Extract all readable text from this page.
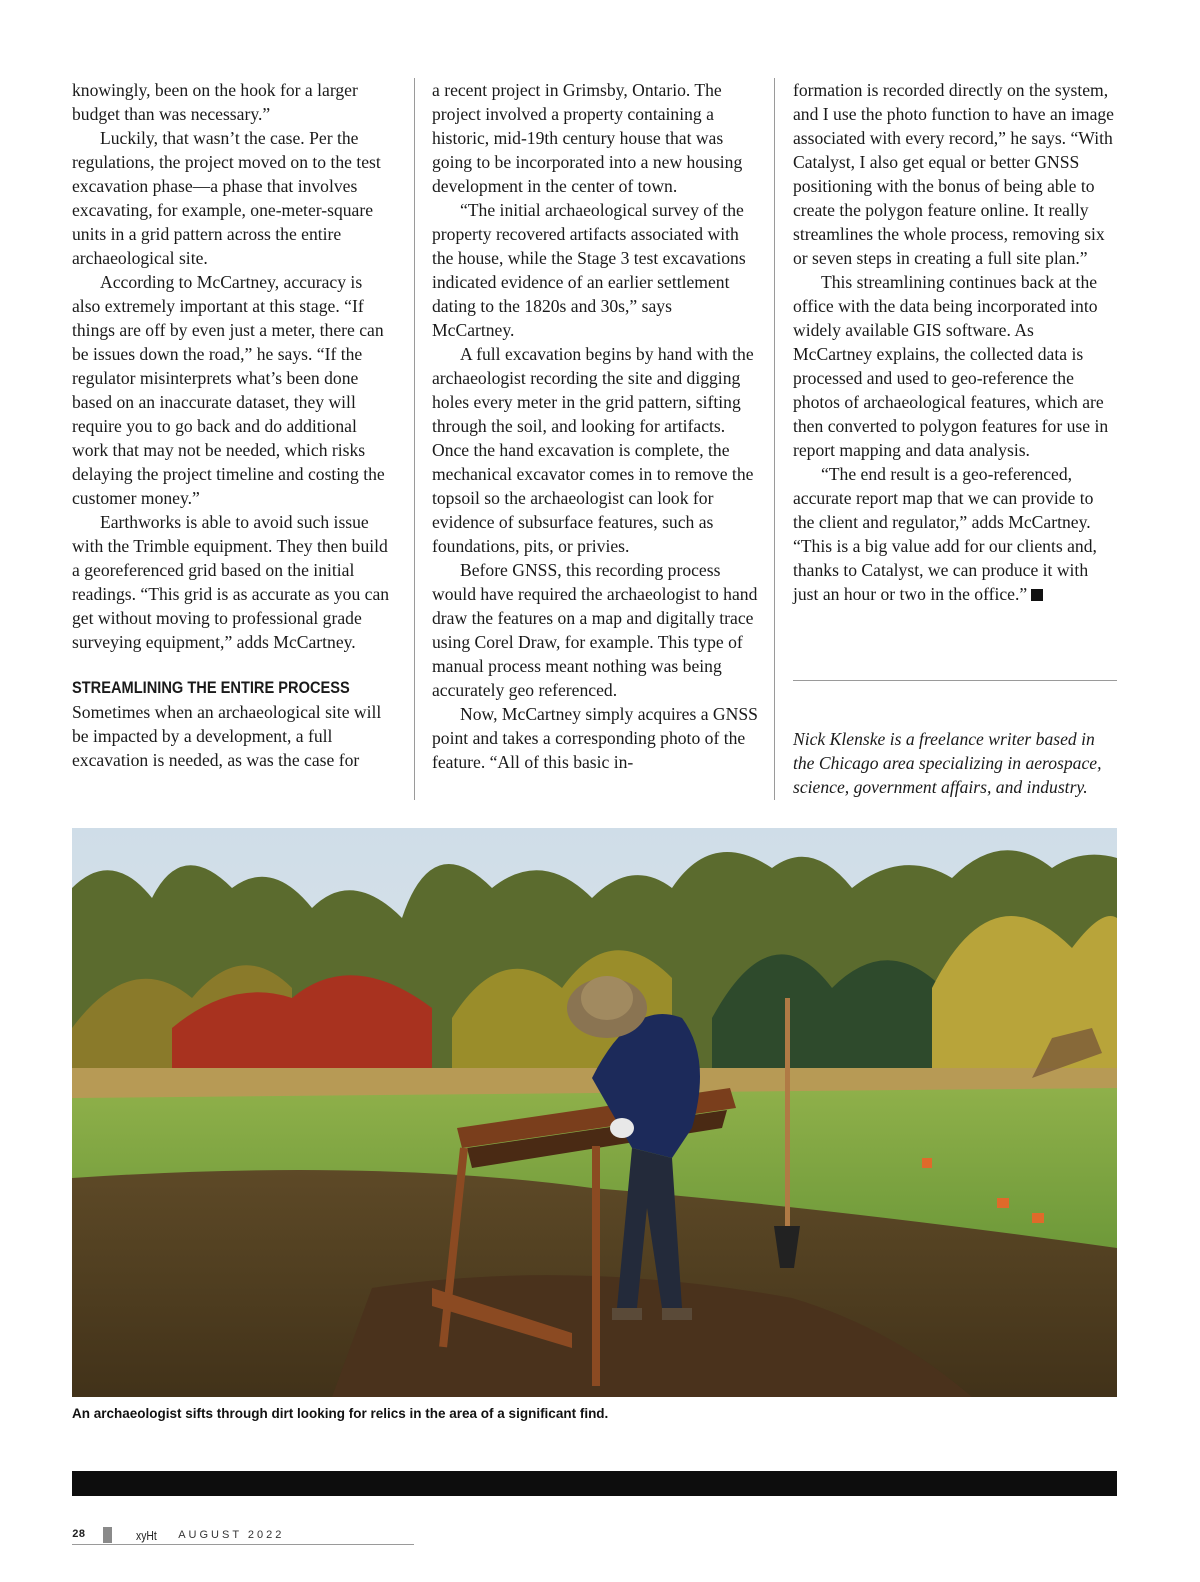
knowingly, been on the hook for a larger budget than was necessary.”

Luckily, that wasn’t the case. Per the regulations, the project moved on to the test excavation phase—a phase that involves excavating, for example, one-meter-square units in a grid pattern across the entire archaeological site.

According to McCartney, accuracy is also extremely important at this stage. “If things are off by even just a meter, there can be issues down the road,” he says. “If the regulator misinterprets what’s been done based on an inaccurate dataset, they will require you to go back and do additional work that may not be needed, which risks delaying the project timeline and costing the customer money.”

Earthworks is able to avoid such issue with the Trimble equipment. They then build a georeferenced grid based on the initial readings. “This grid is as accurate as you can get without moving to professional grade surveying equipment,” adds McCartney.

STREAMLINING THE ENTIRE PROCESS

Sometimes when an archaeological site will be impacted by a development, a full excavation is needed, as was the case for

a recent project in Grimsby, Ontario. The project involved a property containing a historic, mid-19th century house that was going to be incorporated into a new housing development in the center of town.

“The initial archaeological survey of the property recovered artifacts associated with the house, while the Stage 3 test excavations indicated evidence of an earlier settlement dating to the 1820s and 30s,” says McCartney.

A full excavation begins by hand with the archaeologist recording the site and digging holes every meter in the grid pattern, sifting through the soil, and looking for artifacts. Once the hand excavation is complete, the mechanical excavator comes in to remove the topsoil so the archaeologist can look for evidence of subsurface features, such as foundations, pits, or privies.

Before GNSS, this recording process would have required the archaeologist to hand draw the features on a map and digitally trace using Corel Draw, for example. This type of manual process meant nothing was being accurately geo referenced.

Now, McCartney simply acquires a GNSS point and takes a corresponding photo of the feature. “All of this basic in-

formation is recorded directly on the system, and I use the photo function to have an image associated with every record,” he says. “With Catalyst, I also get equal or better GNSS positioning with the bonus of being able to create the polygon feature online. It really streamlines the whole process, removing six or seven steps in creating a full site plan.”

This streamlining continues back at the office with the data being incorporated into widely available GIS software. As McCartney explains, the collected data is processed and used to geo-reference the photos of archaeological features, which are then converted to polygon features for use in report mapping and data analysis.

“The end result is a geo-referenced, accurate report map that we can provide to the client and regulator,” adds McCartney. “This is a big value add for our clients and, thanks to Catalyst, we can produce it with just an hour or two in the office.”

Nick Klenske is a freelance writer based in the Chicago area specializing in aerospace, science, government affairs, and industry.

An archaeologist sifts through dirt looking for relics in the area of a significant find.

28	xyHt AUGUST 2022
